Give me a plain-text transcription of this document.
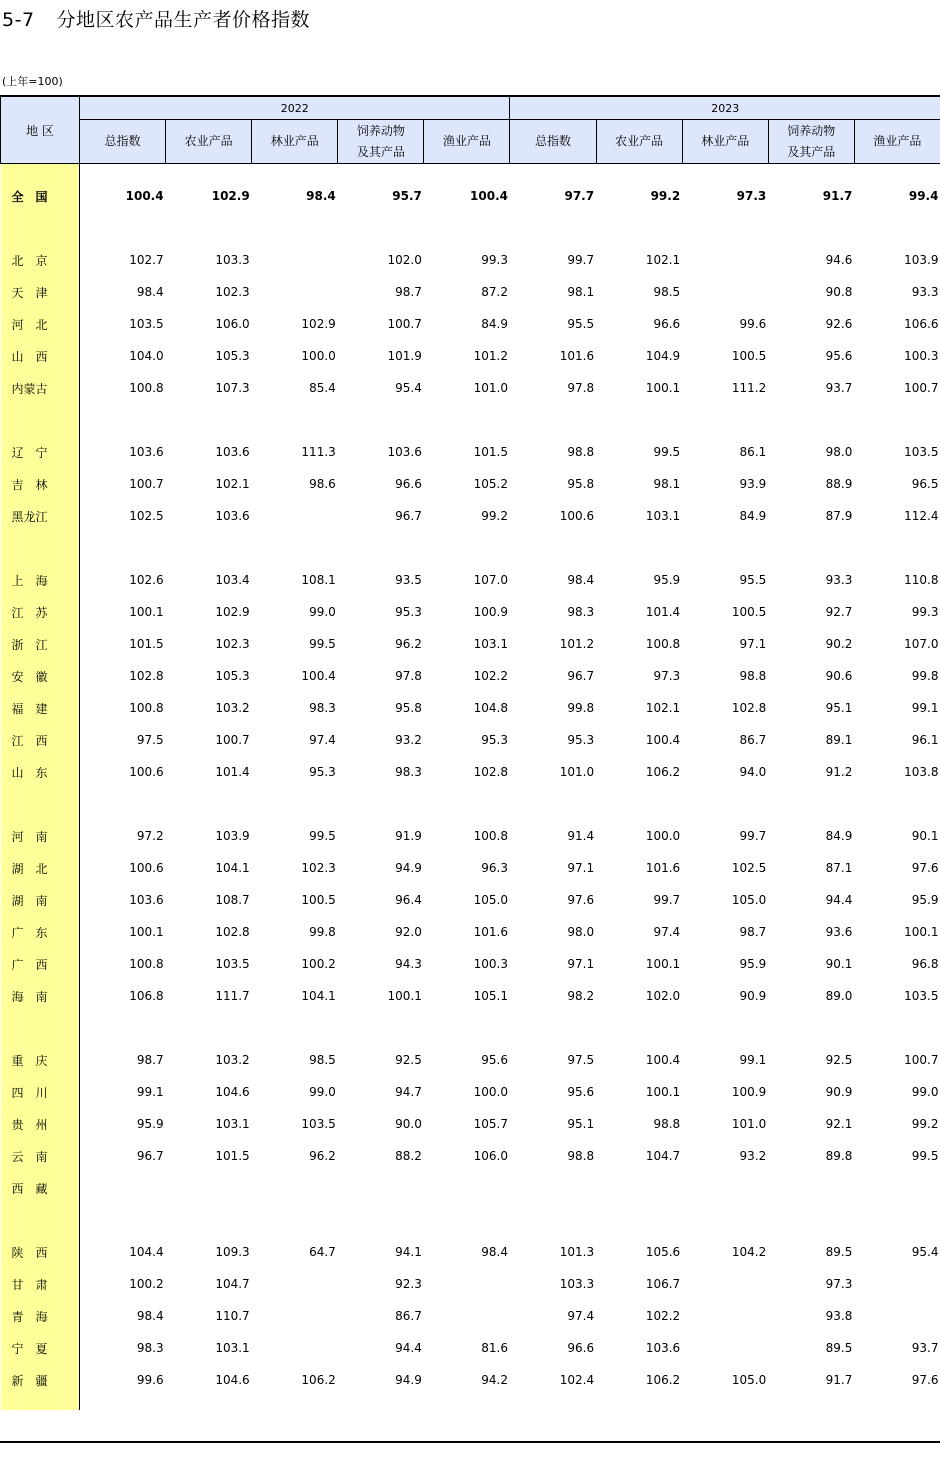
5-7 分地区农产品生产者价格指数
(上年=100)
地 区	2022					2023				
	总指数	农业产品	林业产品	饲养动物
及其产品	渔业产品	总指数	农业产品	林业产品	饲养动物
及其产品	渔业产品

全　国	100.4	102.9	98.4	95.7	100.4	97.7	99.2	97.3	91.7	99.4

北　京	102.7	103.3		102.0	99.3	99.7	102.1		94.6	103.9
天　津	98.4	102.3		98.7	87.2	98.1	98.5		90.8	93.3
河　北	103.5	106.0	102.9	100.7	84.9	95.5	96.6	99.6	92.6	106.6
山　西	104.0	105.3	100.0	101.9	101.2	101.6	104.9	100.5	95.6	100.3
内蒙古	100.8	107.3	85.4	95.4	101.0	97.8	100.1	111.2	93.7	100.7

辽　宁	103.6	103.6	111.3	103.6	101.5	98.8	99.5	86.1	98.0	103.5
吉　林	100.7	102.1	98.6	96.6	105.2	95.8	98.1	93.9	88.9	96.5
黑龙江	102.5	103.6		96.7	99.2	100.6	103.1	84.9	87.9	112.4

上　海	102.6	103.4	108.1	93.5	107.0	98.4	95.9	95.5	93.3	110.8
江　苏	100.1	102.9	99.0	95.3	100.9	98.3	101.4	100.5	92.7	99.3
浙　江	101.5	102.3	99.5	96.2	103.1	101.2	100.8	97.1	90.2	107.0
安　徽	102.8	105.3	100.4	97.8	102.2	96.7	97.3	98.8	90.6	99.8
福　建	100.8	103.2	98.3	95.8	104.8	99.8	102.1	102.8	95.1	99.1
江　西	97.5	100.7	97.4	93.2	95.3	95.3	100.4	86.7	89.1	96.1
山　东	100.6	101.4	95.3	98.3	102.8	101.0	106.2	94.0	91.2	103.8

河　南	97.2	103.9	99.5	91.9	100.8	91.4	100.0	99.7	84.9	90.1
湖　北	100.6	104.1	102.3	94.9	96.3	97.1	101.6	102.5	87.1	97.6
湖　南	103.6	108.7	100.5	96.4	105.0	97.6	99.7	105.0	94.4	95.9
广　东	100.1	102.8	99.8	92.0	101.6	98.0	97.4	98.7	93.6	100.1
广　西	100.8	103.5	100.2	94.3	100.3	97.1	100.1	95.9	90.1	96.8
海　南	106.8	111.7	104.1	100.1	105.1	98.2	102.0	90.9	89.0	103.5

重　庆	98.7	103.2	98.5	92.5	95.6	97.5	100.4	99.1	92.5	100.7
四　川	99.1	104.6	99.0	94.7	100.0	95.6	100.1	100.9	90.9	99.0
贵　州	95.9	103.1	103.5	90.0	105.7	95.1	98.8	101.0	92.1	99.2
云　南	96.7	101.5	96.2	88.2	106.0	98.8	104.7	93.2	89.8	99.5
西　藏										

陕　西	104.4	109.3	64.7	94.1	98.4	101.3	105.6	104.2	89.5	95.4
甘　肃	100.2	104.7		92.3		103.3	106.7		97.3	
青　海	98.4	110.7		86.7		97.4	102.2		93.8	
宁　夏	98.3	103.1		94.4	81.6	96.6	103.6		89.5	93.7
新　疆	99.6	104.6	106.2	94.9	94.2	102.4	106.2	105.0	91.7	97.6
